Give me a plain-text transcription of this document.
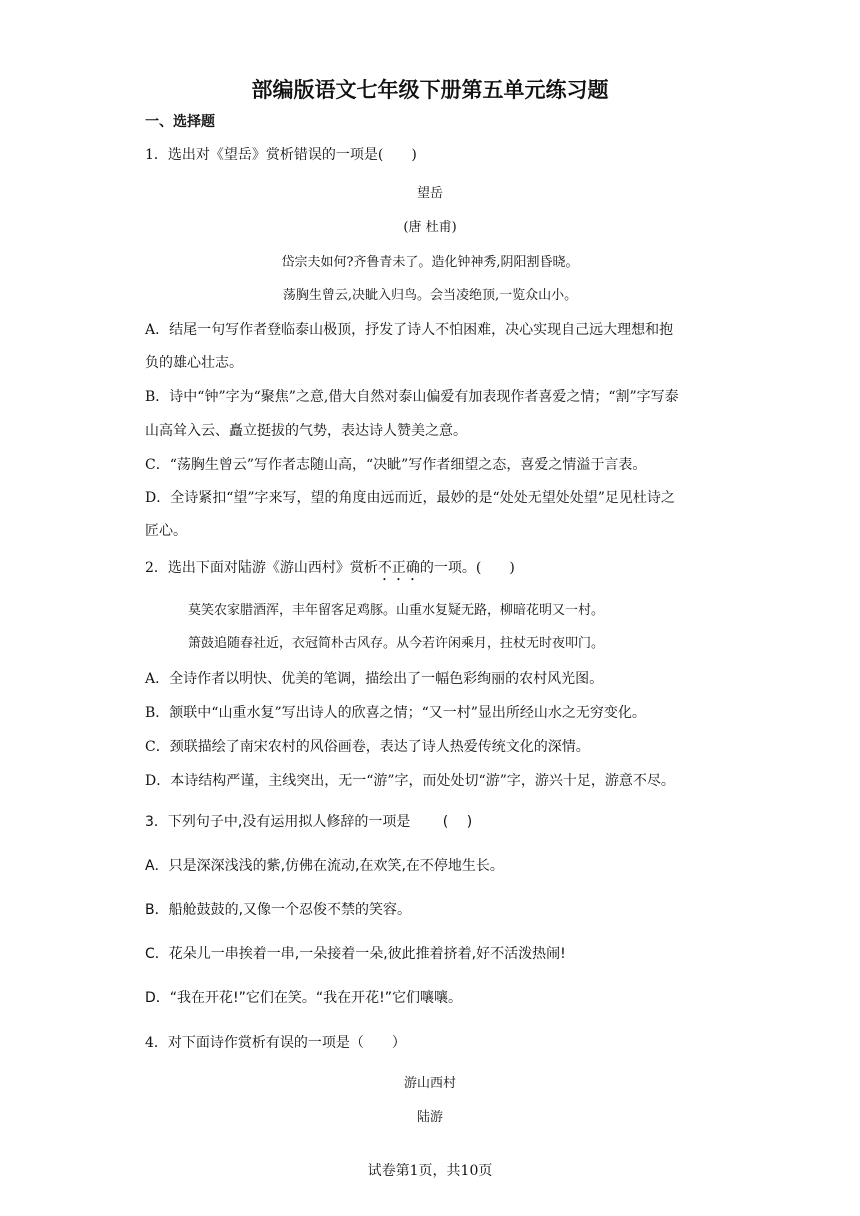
部编版语文七年级下册第五单元练习题
一、选择题
1．选出对《望岳》赏析错误的一项是(　　)
望岳
(唐 杜甫)
岱宗夫如何?齐鲁青未了。造化钟神秀,阴阳割昏晓。
荡胸生曾云,决眦入归鸟。会当凌绝顶,一览众山小。
A．结尾一句写作者登临泰山极顶，抒发了诗人不怕困难，决心实现自己远大理想和抱
负的雄心壮志。
B．诗中“钟”字为“聚焦”之意,借大自然对泰山偏爱有加表现作者喜爱之情；“割”字写泰
山高耸入云、矗立挺拔的气势，表达诗人赞美之意。
C．“荡胸生曾云”写作者志随山高，“决眦”写作者细望之态，喜爱之情溢于言表。
D．全诗紧扣“望”字来写，望的角度由远而近，最妙的是“处处无望处处望”足见杜诗之
匠心。
2．选出下面对陆游《游山西村》赏析不正确的一项。(　　)
莫笑农家腊酒浑，丰年留客足鸡豚。山重水复疑无路，柳暗花明又一村。
箫鼓追随春社近，衣冠简朴古风存。从今若许闲乘月，拄杖无时夜叩门。
A．全诗作者以明快、优美的笔调，描绘出了一幅色彩绚丽的农村风光图。
B．颔联中“山重水复”写出诗人的欣喜之情；“又一村”显出所经山水之无穷变化。
C．颈联描绘了南宋农村的风俗画卷，表达了诗人热爱传统文化的深情。
D．本诗结构严谨，主线突出，无一“游”字，而处处切“游”字，游兴十足，游意不尽。
3．下列句子中,没有运用拟人修辞的一项是　　 (　 )
A．只是深深浅浅的紫,仿佛在流动,在欢笑,在不停地生长。
B．船舱鼓鼓的,又像一个忍俊不禁的笑容。
C．花朵儿一串挨着一串,一朵接着一朵,彼此推着挤着,好不活泼热闹!
D．“我在开花!”它们在笑。“我在开花!”它们嚷嚷。
4．对下面诗作赏析有误的一项是（　　）
游山西村
陆游
试卷第1页，共10页
